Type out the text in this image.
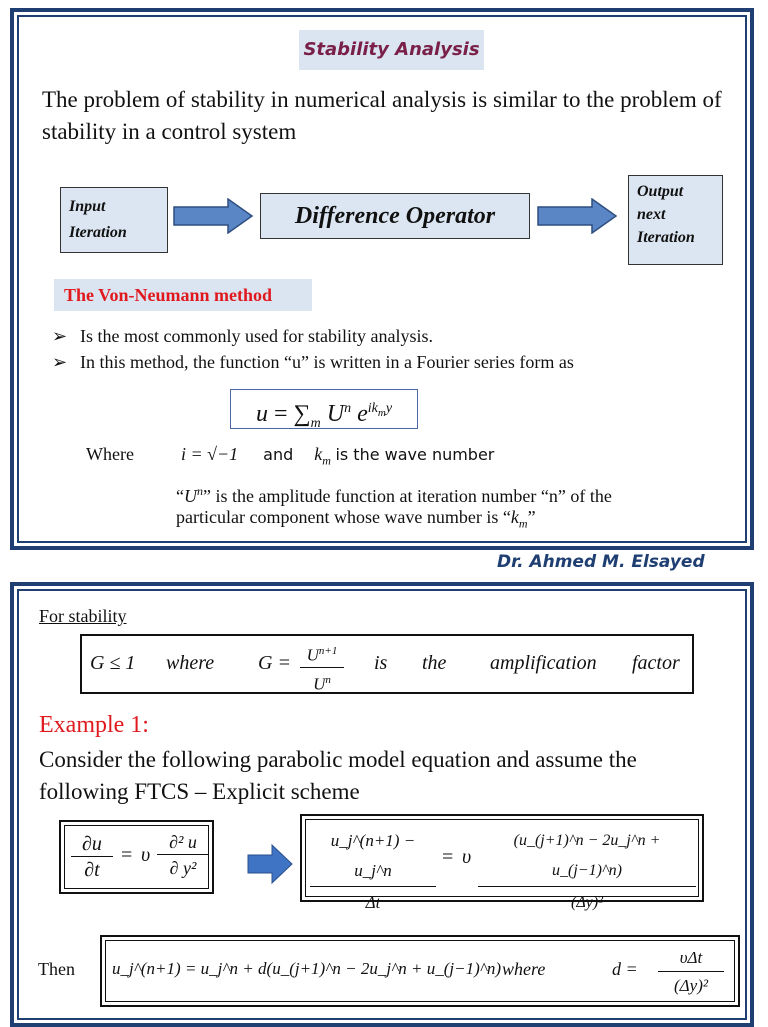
Stability Analysis
The problem of stability in numerical analysis is similar to the problem of stability in a control system
Input
Iteration
Difference Operator
Output
next
Iteration
The Von-Neumann method
➢ Is the most commonly used for stability analysis.
➢ In this method, the function “u” is written in a Fourier series form as
$u = \sum_m$ $U^n$ $e^{ik_my}$
Where	i = √−1 and $k_m$ is the wave number
“$U^n$” is the amplitude function at iteration number “n” of the
particular component whose wave number is “$k_m$”
Dr. Ahmed M. Elsayed
For stability
G ≤ 1 where $G = U^{n+1}$
$U^n$
is the amplification factor
Example 1:
Consider the following parabolic model equation and assume the following FTCS – Explicit scheme
∂u
∂t
= υ
∂² u
∂ y²
u_j^(n+1) − u_j^n
Δt
= υ
(u_(j+1)^n − 2u_j^n + u_(j−1)^n)
(Δy)²
Then u_j^(n+1) = u_j^n + d(u_(j+1)^n − 2u_j^n + u_(j−1)^n) where	d =
υΔt
(Δy)²
